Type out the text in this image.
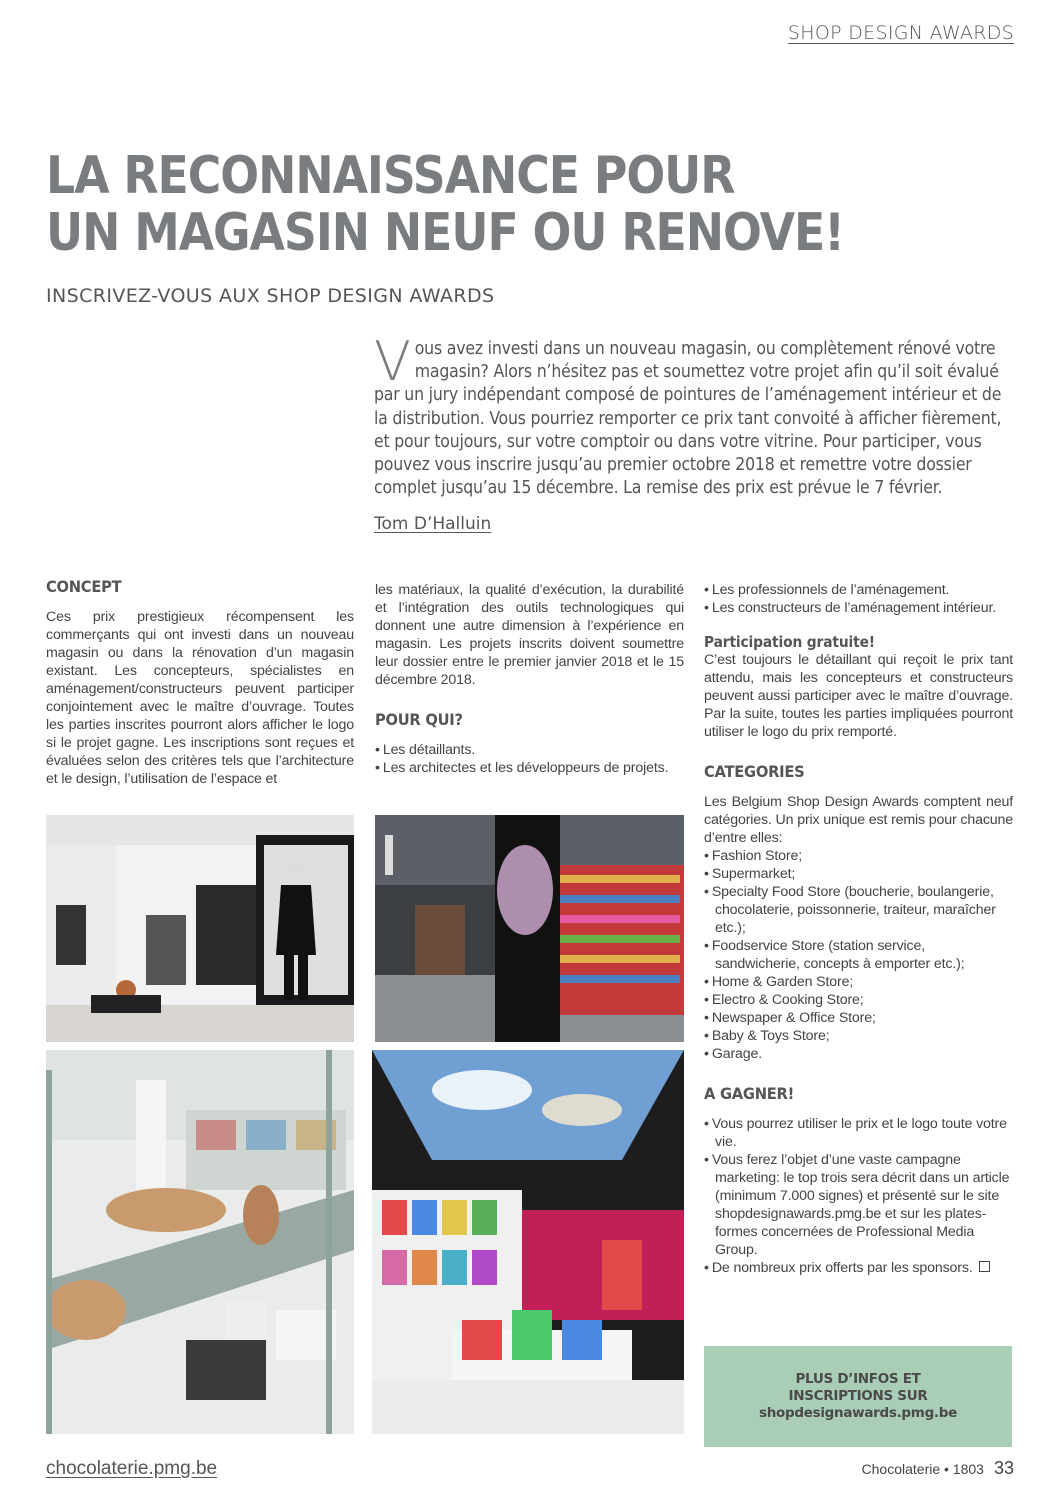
SHOP DESIGN AWARDS
LA RECONNAISSANCE POUR
UN MAGASIN NEUF OU RENOVE!
INSCRIVEZ-VOUS AUX SHOP DESIGN AWARDS
Vous avez investi dans un nouveau magasin, ou complètement rénové votre magasin? Alors n’hésitez pas et soumettez votre projet afin qu’il soit évalué par un jury indépendant composé de pointures de l’aménagement intérieur et de la distribution. Vous pourriez remporter ce prix tant convoité à afficher fièrement, et pour toujours, sur votre comptoir ou dans votre vitrine. Pour participer, vous pouvez vous inscrire jusqu’au premier octobre 2018 et remettre votre dossier complet jusqu’au 15 décembre. La remise des prix est prévue le 7 février.
Tom D’Halluin
CONCEPT

Ces prix prestigieux récompensent les commerçants qui ont investi dans un nouveau magasin ou dans la rénovation d’un magasin existant. Les concepteurs, spécialistes en aménagement/constructeurs peuvent participer conjointement avec le maître d’ouvrage. Toutes les parties inscrites pourront alors afficher le logo si le projet gagne. Les inscriptions sont reçues et évaluées selon des critères tels que l’architecture et le design, l’utilisation de l’espace et

les matériaux, la qualité d’exécution, la durabilité et l’intégration des outils technologiques qui donnent une autre dimension à l’expérience en magasin. Les projets inscrits doivent soumettre leur dossier entre le premier janvier 2018 et le 15 décembre 2018.

POUR QUI?
• Les détaillants.
• Les architectes et les développeurs de projets.
• Les professionnels de l’aménagement.
• Les constructeurs de l’aménagement intérieur.
Participation gratuite!

C’est toujours le détaillant qui reçoit le prix tant attendu, mais les concepteurs et constructeurs peuvent aussi participer avec le maître d’ouvrage. Par la suite, toutes les parties impliquées pourront utiliser le logo du prix remporté.

CATEGORIES

Les Belgium Shop Design Awards comptent neuf catégories. Un prix unique est remis pour chacune d’entre elles:

• Fashion Store;
• Supermarket;
• Specialty Food Store (boucherie, boulangerie, chocolaterie, poissonnerie, traiteur, maraîcher etc.);
• Foodservice Store (station service, sandwicherie, concepts à emporter etc.);
• Home & Garden Store;
• Electro & Cooking Store;
• Newspaper & Office Store;
• Baby & Toys Store;
• Garage.
A GAGNER!
• Vous pourrez utiliser le prix et le logo toute votre vie.
• Vous ferez l’objet d’une vaste campagne marketing: le top trois sera décrit dans un article (minimum 7.000 signes) et présenté sur le site shopdesignawards.pmg.be et sur les plates-formes concernées de Professional Media Group.
• De nombreux prix offerts par les sponsors.
PLUS D’INFOS ET
INSCRIPTIONS SUR
shopdesignawards.pmg.be
chocolaterie.pmg.be	Chocolaterie • 1803 33
